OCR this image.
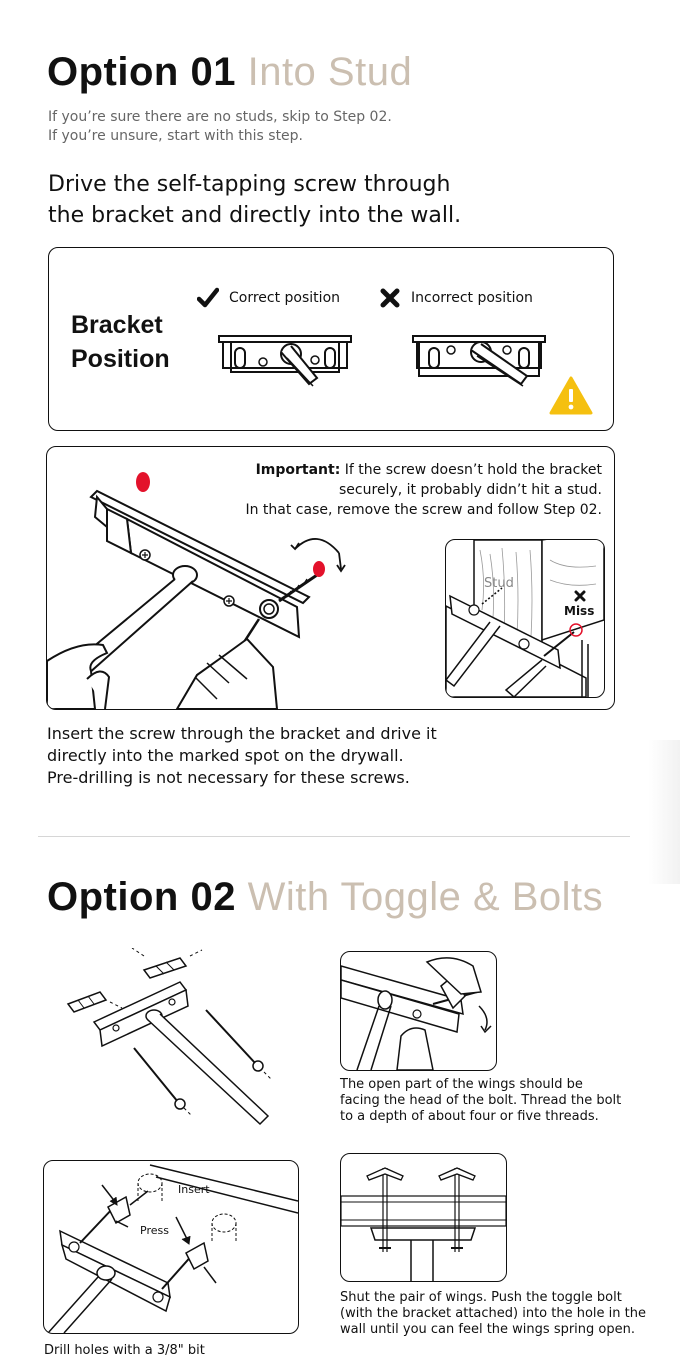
Option 01 Into Stud
If you’re sure there are no studs, skip to Step 02.
If you’re unsure, start with this step.
Drive the self-tapping screw through
the bracket and directly into the wall.
Bracket
Position
Correct position	Incorrect position
Important: If the screw doesn’t hold the bracket
securely, it probably didn’t hit a stud.
In that case, remove the screw and follow Step 02.
Stud
Miss
Insert the screw through the bracket and drive it
directly into the marked spot on the drywall.
Pre-drilling is not necessary for these screws.
Option 02 With Toggle & Bolts
The open part of the wings should be
facing the head of the bolt. Thread the bolt
to a depth of about four or five threads.
Insert
Press
Shut the pair of wings. Push the toggle bolt
(with the bracket attached) into the hole in the
wall until you can feel the wings spring open.
Drill holes with a 3/8" bit
